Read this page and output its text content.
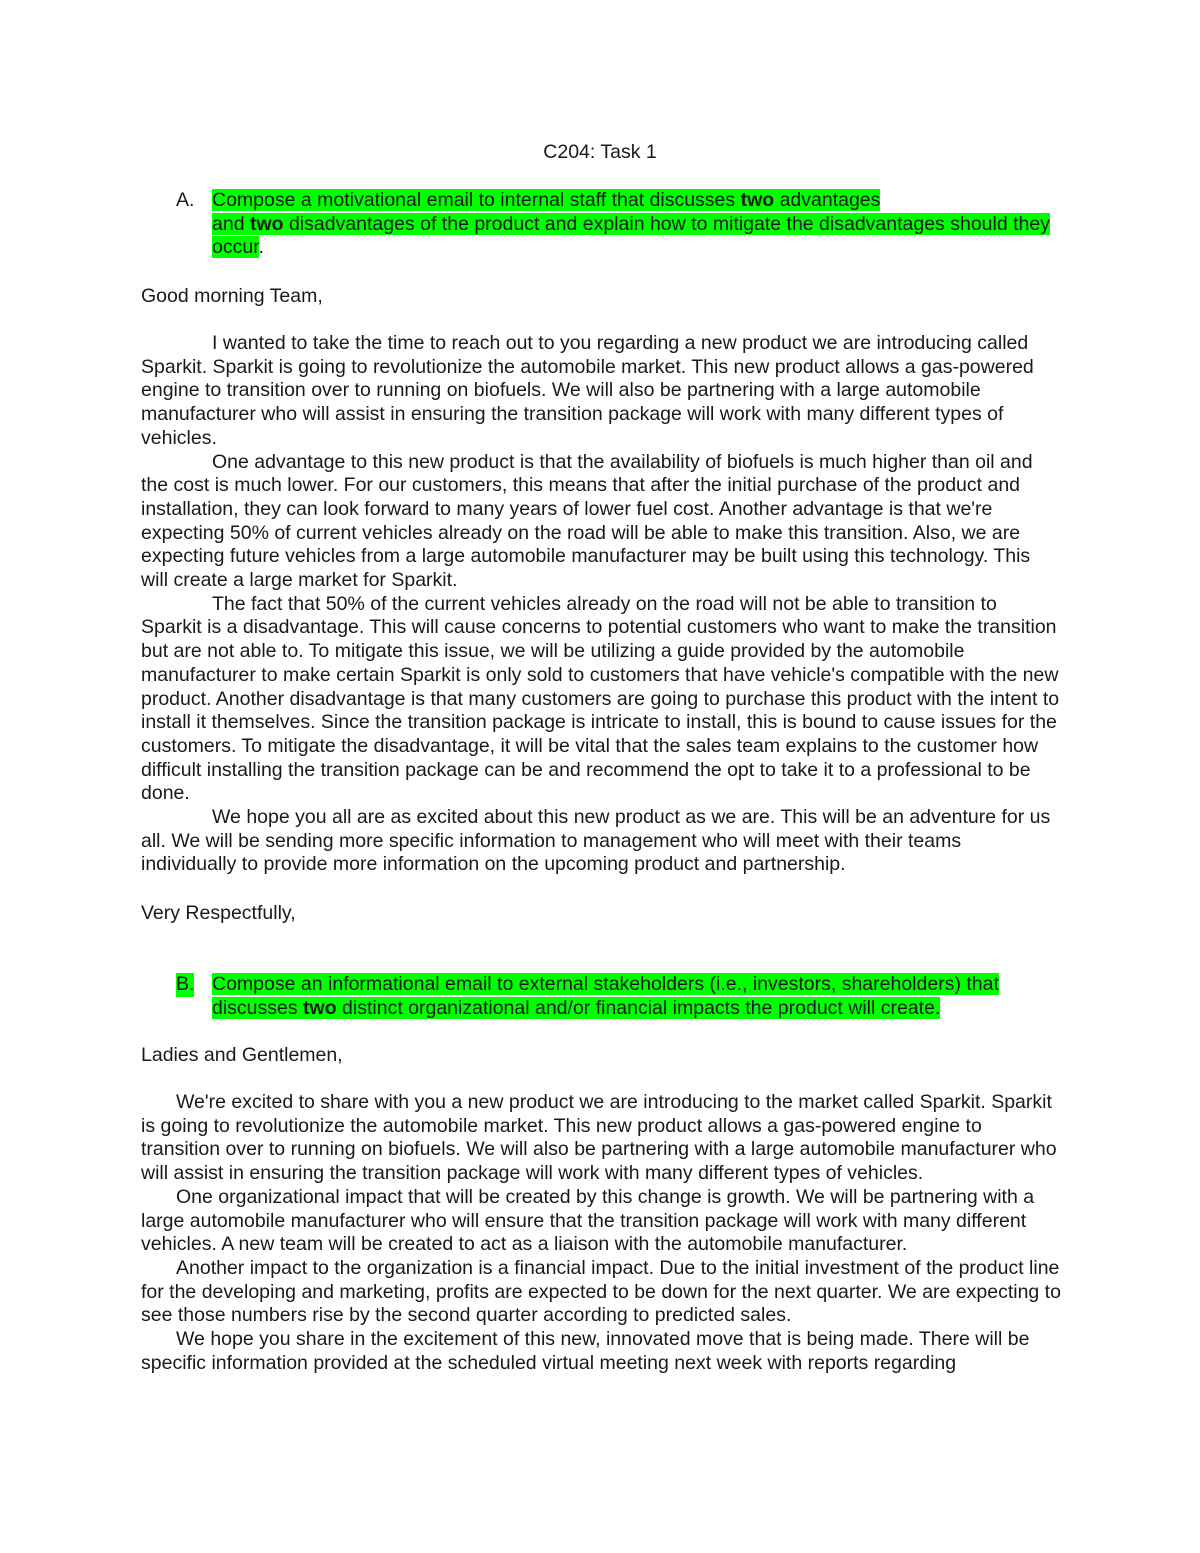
C204: Task 1
A. Compose a motivational email to internal staff that discusses two advantages
and two disadvantages of the product and explain how to mitigate the disadvantages should they occur.
Good morning Team,

I wanted to take the time to reach out to you regarding a new product we are introducing called Sparkit. Sparkit is going to revolutionize the automobile market. This new product allows a gas-powered engine to transition over to running on biofuels. We will also be partnering with a large automobile manufacturer who will assist in ensuring the transition package will work with many different types of vehicles.

One advantage to this new product is that the availability of biofuels is much higher than oil and the cost is much lower. For our customers, this means that after the initial purchase of the product and installation, they can look forward to many years of lower fuel cost. Another advantage is that we're expecting 50% of current vehicles already on the road will be able to make this transition. Also, we are expecting future vehicles from a large automobile manufacturer may be built using this technology. This will create a large market for Sparkit.

The fact that 50% of the current vehicles already on the road will not be able to transition to Sparkit is a disadvantage. This will cause concerns to potential customers who want to make the transition but are not able to. To mitigate this issue, we will be utilizing a guide provided by the automobile manufacturer to make certain Sparkit is only sold to customers that have vehicle's compatible with the new product. Another disadvantage is that many customers are going to purchase this product with the intent to install it themselves. Since the transition package is intricate to install, this is bound to cause issues for the customers. To mitigate the disadvantage, it will be vital that the sales team explains to the customer how difficult installing the transition package can be and recommend the opt to take it to a professional to be done.

We hope you all are as excited about this new product as we are. This will be an adventure for us all. We will be sending more specific information to management who will meet with their teams individually to provide more information on the upcoming product and partnership.

Very Respectfully,
B. Compose an informational email to external stakeholders (i.e., investors, shareholders) that discusses two distinct organizational and/or financial impacts the product will create.
Ladies and Gentlemen,

We're excited to share with you a new product we are introducing to the market called Sparkit. Sparkit is going to revolutionize the automobile market. This new product allows a gas-powered engine to transition over to running on biofuels. We will also be partnering with a large automobile manufacturer who will assist in ensuring the transition package will work with many different types of vehicles.

One organizational impact that will be created by this change is growth. We will be partnering with a large automobile manufacturer who will ensure that the transition package will work with many different vehicles. A new team will be created to act as a liaison with the automobile manufacturer.

Another impact to the organization is a financial impact. Due to the initial investment of the product line for the developing and marketing, profits are expected to be down for the next quarter. We are expecting to see those numbers rise by the second quarter according to predicted sales.

We hope you share in the excitement of this new, innovated move that is being made. There will be specific information provided at the scheduled virtual meeting next week with reports regarding
